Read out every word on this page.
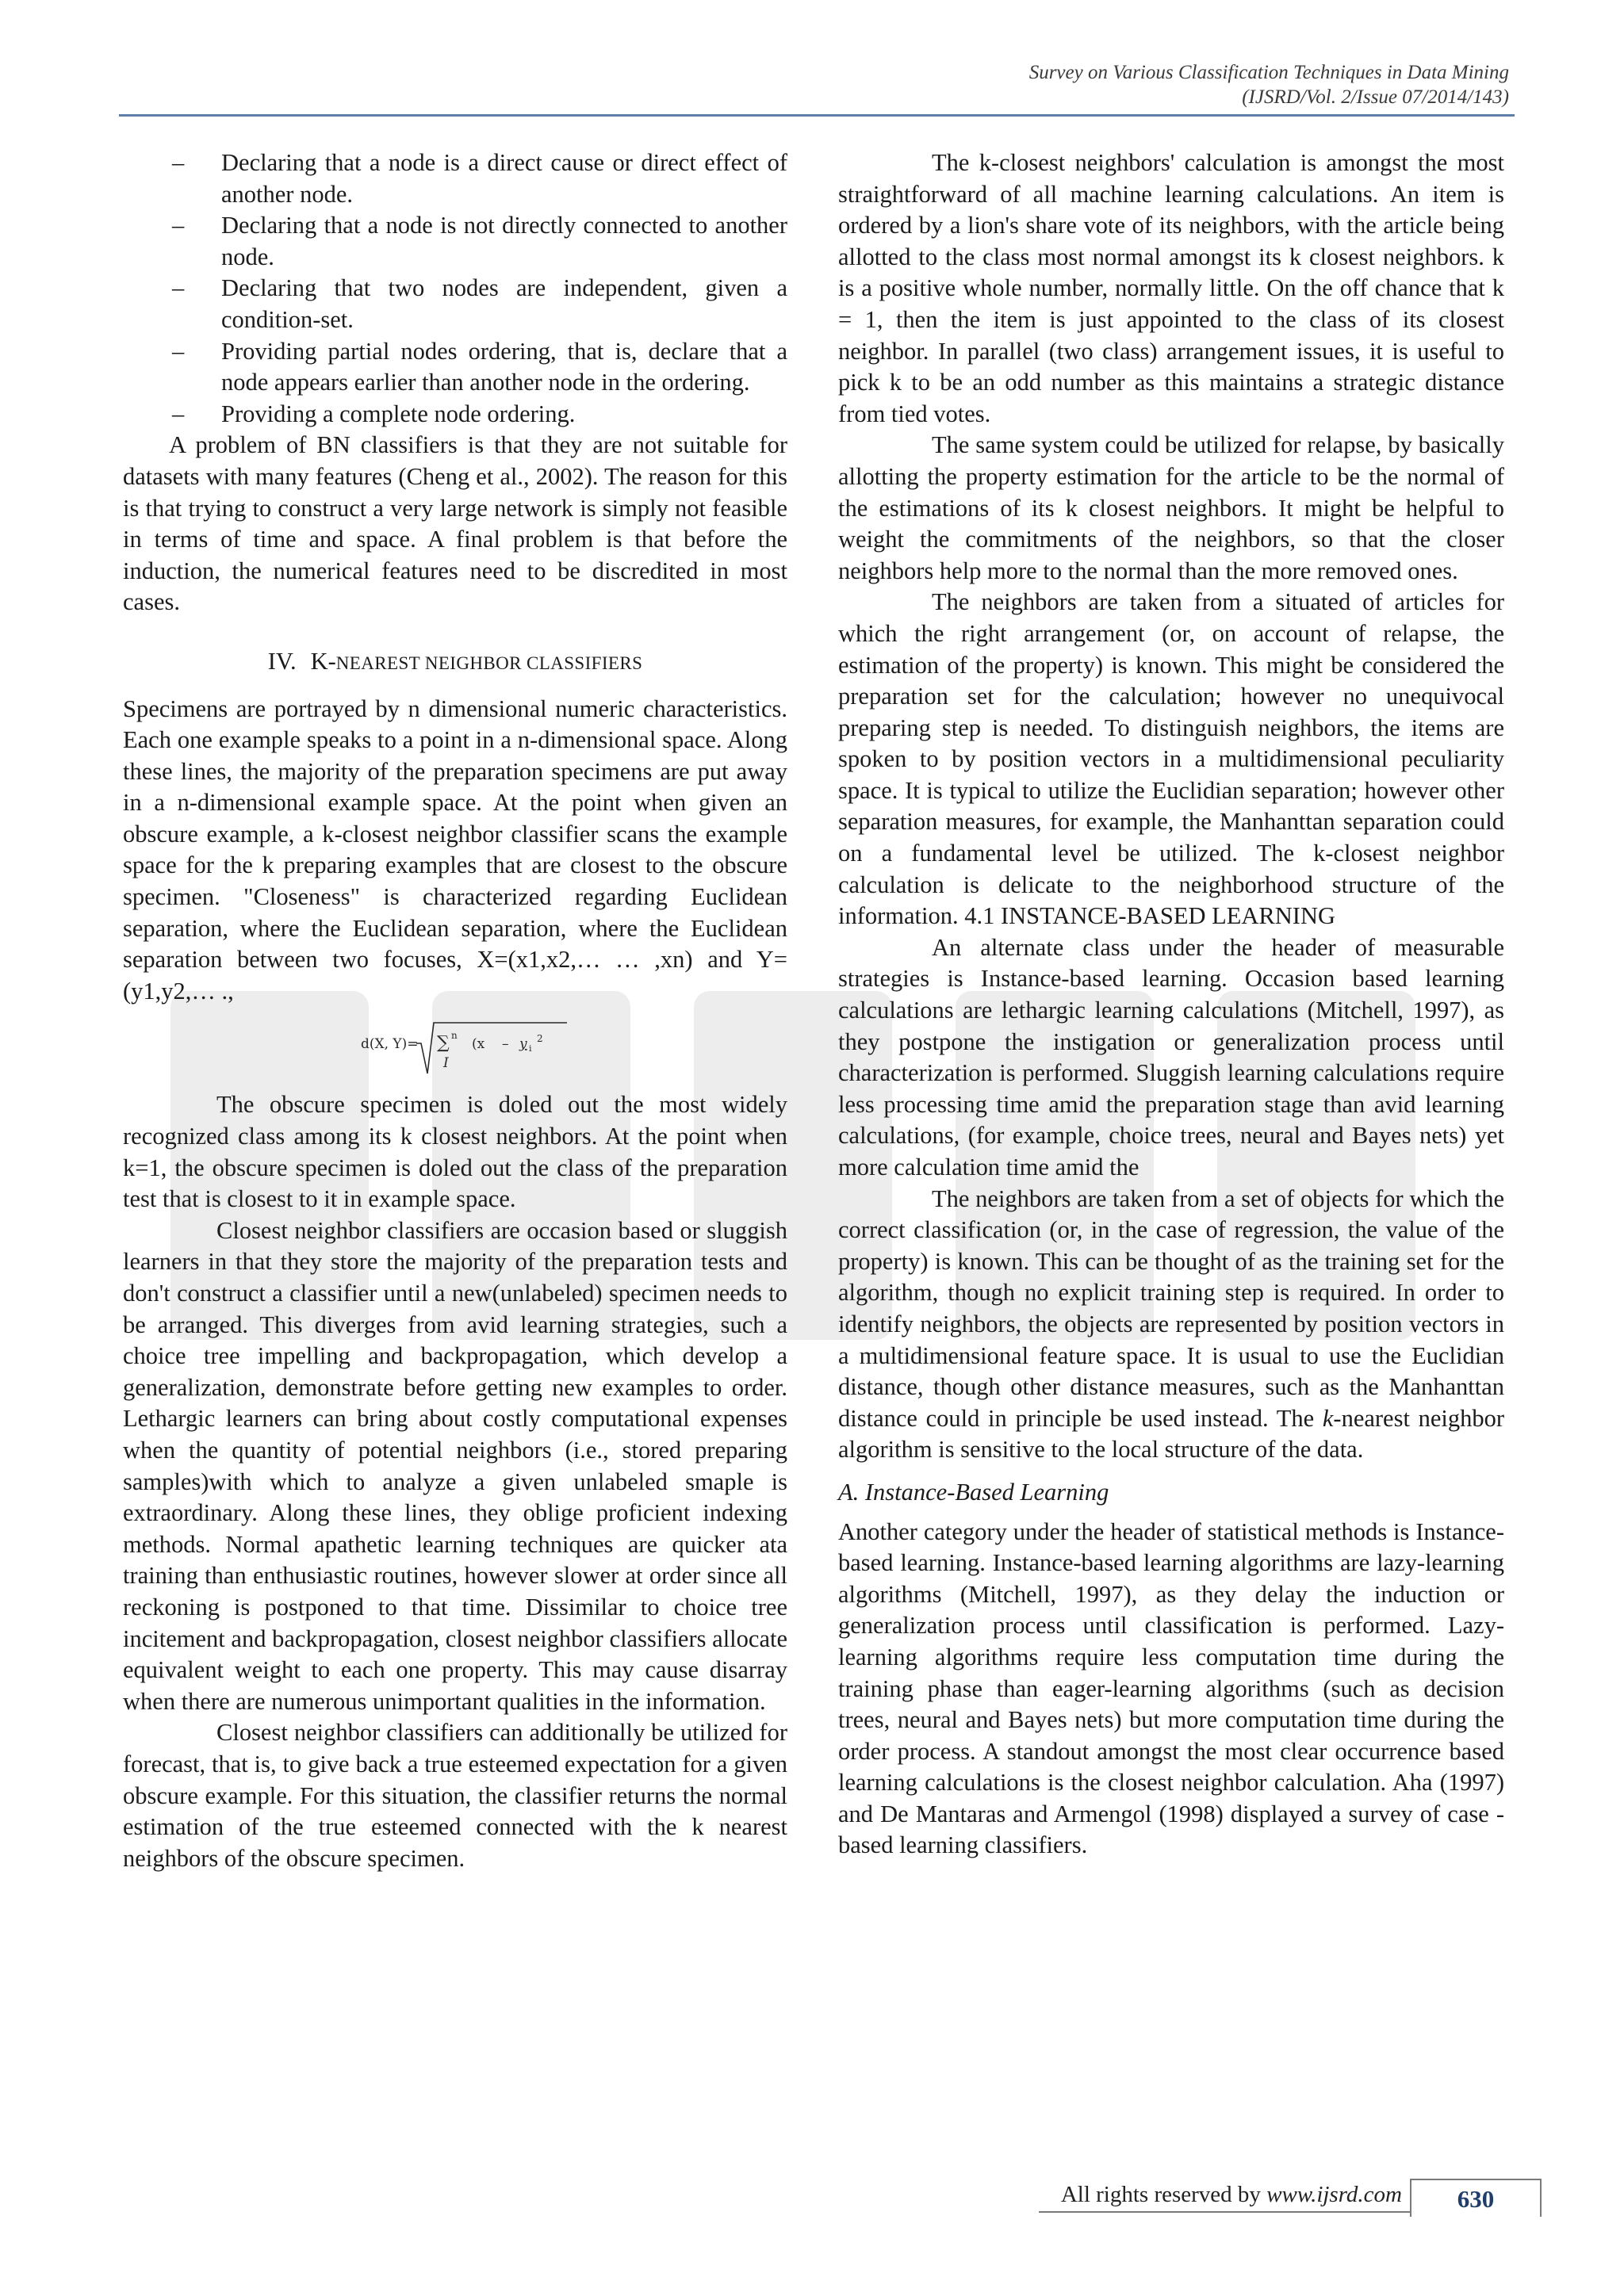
Survey on Various Classification Techniques in Data Mining
(IJSRD/Vol. 2/Issue 07/2014/143)
– Declaring that a node is a direct cause or direct effect of another node.
– Declaring that a node is not directly connected to another node.
– Declaring that two nodes are independent, given a condition-set.
– Providing partial nodes ordering, that is, declare that a node appears earlier than another node in the ordering.
– Providing a complete node ordering.

A problem of BN classifiers is that they are not suitable for datasets with many features (Cheng et al., 2002). The reason for this is that trying to construct a very large network is simply not feasible in terms of time and space. A final problem is that before the induction, the numerical features need to be discredited in most cases.

IV. K-NEAREST NEIGHBOR CLASSIFIERS

Specimens are portrayed by n dimensional numeric characteristics. Each one example speaks to a point in a n-dimensional space. Along these lines, the majority of the preparation specimens are put away in a n-dimensional example space. At the point when given an obscure example, a k-closest neighbor classifier scans the example space for the k preparing examples that are closest to the obscure specimen. "Closeness" is characterized regarding Euclidean separation, where the Euclidean separation, where the Euclidean separation between two focuses, X=(x1,x2,… … ,xn) and Y=(y1,y2,… .,

d(X, Y)= ∑ n
I
(x – y i
2

The obscure specimen is doled out the most widely recognized class among its k closest neighbors. At the point when k=1, the obscure specimen is doled out the class of the preparation test that is closest to it in example space.

Closest neighbor classifiers are occasion based or sluggish learners in that they store the majority of the preparation tests and don't construct a classifier until a new(unlabeled) specimen needs to be arranged. This diverges from avid learning strategies, such a choice tree impelling and backpropagation, which develop a generalization, demonstrate before getting new examples to order. Lethargic learners can bring about costly computational expenses when the quantity of potential neighbors (i.e., stored preparing samples)with which to analyze a given unlabeled smaple is extraordinary. Along these lines, they oblige proficient indexing methods. Normal apathetic learning techniques are quicker ata training than enthusiastic routines, however slower at order since all reckoning is postponed to that time. Dissimilar to choice tree incitement and backpropagation, closest neighbor classifiers allocate equivalent weight to each one property. This may cause disarray when there are numerous unimportant qualities in the information.

Closest neighbor classifiers can additionally be utilized for forecast, that is, to give back a true esteemed expectation for a given obscure example. For this situation, the classifier returns the normal estimation of the true esteemed connected with the k nearest neighbors of the obscure specimen.

The k-closest neighbors' calculation is amongst the most straightforward of all machine learning calculations. An item is ordered by a lion's share vote of its neighbors, with the article being allotted to the class most normal amongst its k closest neighbors. k is a positive whole number, normally little. On the off chance that k = 1, then the item is just appointed to the class of its closest neighbor. In parallel (two class) arrangement issues, it is useful to pick k to be an odd number as this maintains a strategic distance from tied votes.

The same system could be utilized for relapse, by basically allotting the property estimation for the article to be the normal of the estimations of its k closest neighbors. It might be helpful to weight the commitments of the neighbors, so that the closer neighbors help more to the normal than the more removed ones.

The neighbors are taken from a situated of articles for which the right arrangement (or, on account of relapse, the estimation of the property) is known. This might be considered the preparation set for the calculation; however no unequivocal preparing step is needed. To distinguish neighbors, the items are spoken to by position vectors in a multidimensional peculiarity space. It is typical to utilize the Euclidian separation; however other separation measures, for example, the Manhanttan separation could on a fundamental level be utilized. The k-closest neighbor calculation is delicate to the neighborhood structure of the information. 4.1 INSTANCE-BASED LEARNING

An alternate class under the header of measurable strategies is Instance-based learning. Occasion based learning calculations are lethargic learning calculations (Mitchell, 1997), as they postpone the instigation or generalization process until characterization is performed. Sluggish learning calculations require less processing time amid the preparation stage than avid learning calculations, (for example, choice trees, neural and Bayes nets) yet more calculation time amid the

The neighbors are taken from a set of objects for which the correct classification (or, in the case of regression, the value of the property) is known. This can be thought of as the training set for the algorithm, though no explicit training step is required. In order to identify neighbors, the objects are represented by position vectors in a multidimensional feature space. It is usual to use the Euclidian distance, though other distance measures, such as the Manhanttan distance could in principle be used instead. The k-nearest neighbor algorithm is sensitive to the local structure of the data.

A. Instance-Based Learning

Another category under the header of statistical methods is Instance-based learning. Instance-based learning algorithms are lazy-learning algorithms (Mitchell, 1997), as they delay the induction or generalization process until classification is performed. Lazy-learning algorithms require less computation time during the training phase than eager-learning algorithms (such as decision trees, neural and Bayes nets) but more computation time during the order process. A standout amongst the most clear occurrence based learning calculations is the closest neighbor calculation. Aha (1997) and De Mantaras and Armengol (1998) displayed a survey of case -based learning classifiers.

All rights reserved by www.ijsrd.com	630
